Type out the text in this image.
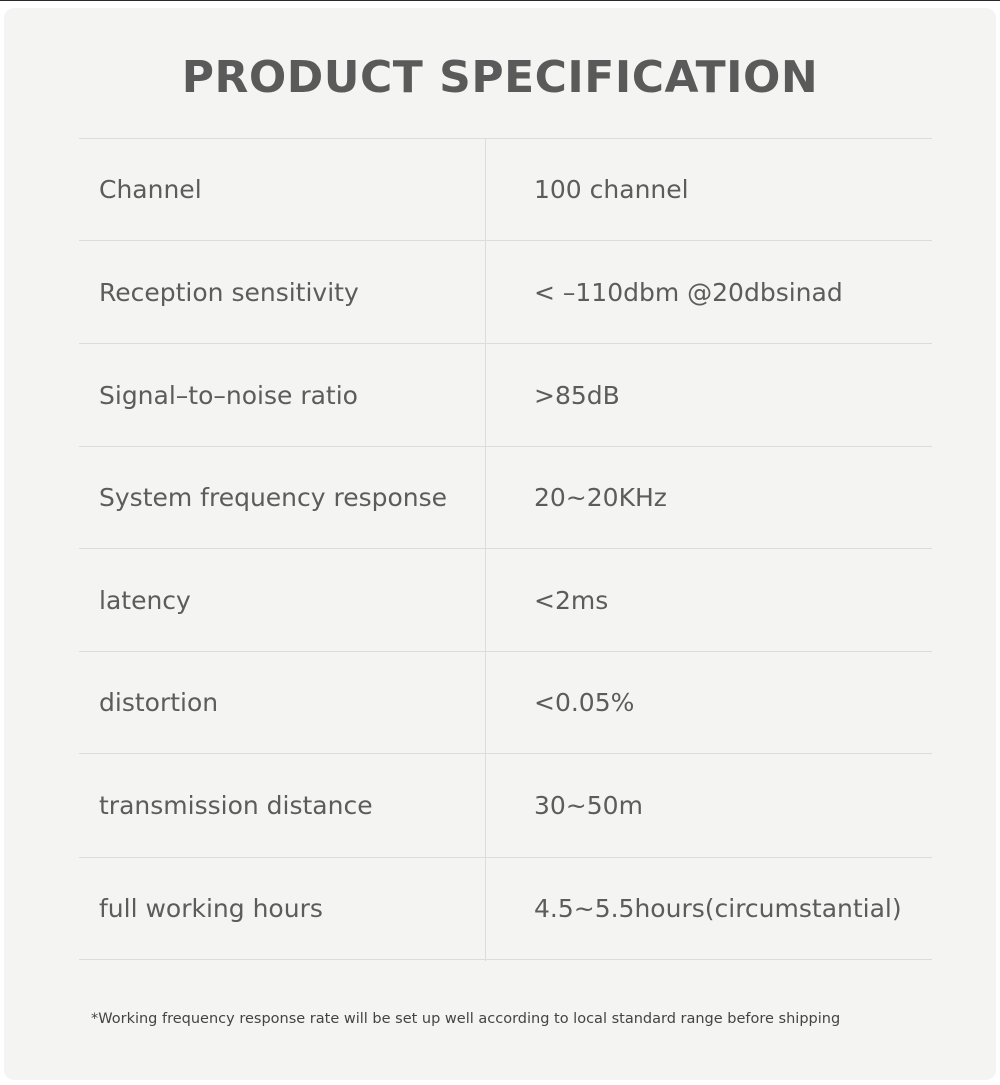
PRODUCT SPECIFICATION
Channel	100 channel
Reception sensitivity	< –110dbm @20dbsinad
Signal–to–noise ratio	>85dB
System frequency response	20~20KHz
latency	<2ms
distortion	<0.05%
transmission distance	30~50m
full working hours	4.5~5.5hours(circumstantial)
*Working frequency response rate will be set up well according to local standard range before shipping
